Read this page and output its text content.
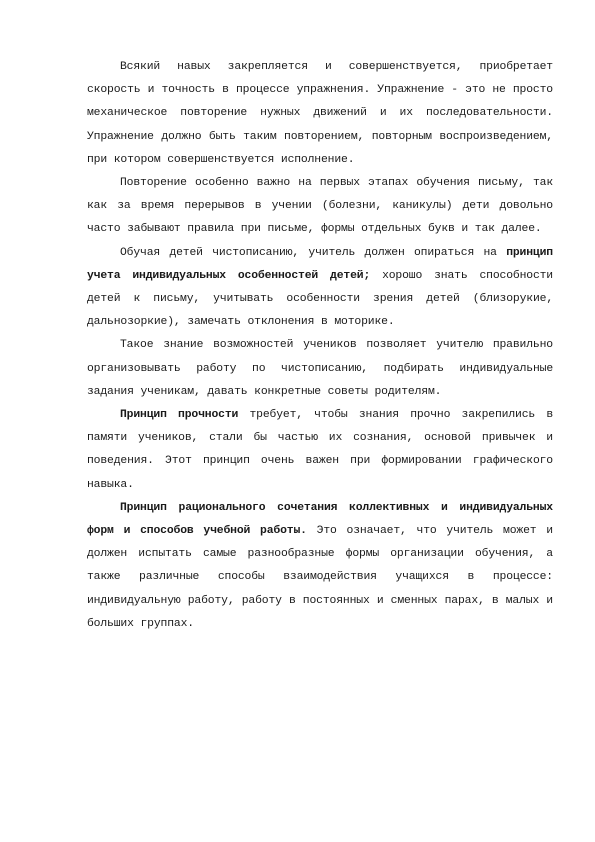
Всякий навых закрепляется и совершенствуется, приобретает скорость и точность в процессе упражнения. Упражнение - это не просто механическое повторение нужных движений и их последовательности. Упражнение должно быть таким повторением, повторным воспроизведением, при котором совершенствуется исполнение.

Повторение особенно важно на первых этапах обучения письму, так как за время перерывов в учении (болезни, каникулы) дети довольно часто забывают правила при письме, формы отдельных букв и так далее.

Обучая детей чистописанию, учитель должен опираться на принцип учета индивидуальных особенностей детей; хорошо знать способности детей к письму, учитывать особенности зрения детей (близорукие, дальнозоркие), замечать отклонения в моторике.

Такое знание возможностей учеников позволяет учителю правильно организовывать работу по чистописанию, подбирать индивидуальные задания ученикам, давать конкретные советы родителям.

Принцип прочности требует, чтобы знания прочно закрепились в памяти учеников, стали бы частью их сознания, основой привычек и поведения. Этот принцип очень важен при формировании графического навыка.

Принцип рационального сочетания коллективных и индивидуальных форм и способов учебной работы. Это означает, что учитель может и должен испытать самые разнообразные формы организации обучения, а также различные способы взаимодействия учащихся в процессе: индивидуальную работу, работу в постоянных и сменных парах, в малых и больших группах.
